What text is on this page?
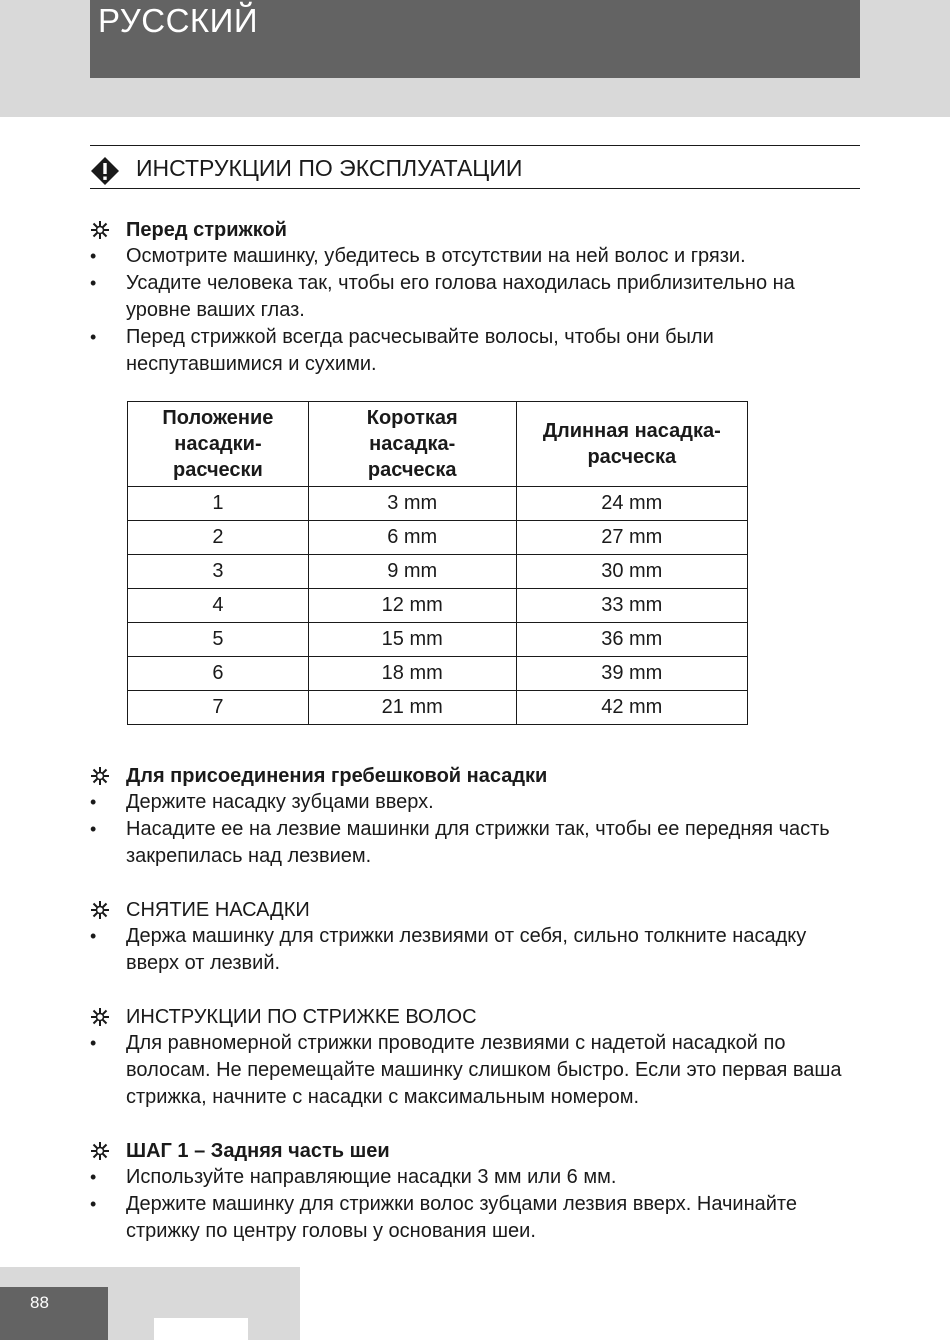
РУССКИЙ
ИНСТРУКЦИИ ПО ЭКСПЛУАТАЦИИ
Перед стрижкой
• Осмотрите машинку, убедитесь в отсутствии на ней волос и грязи.
• Усадите человека так, чтобы его голова находилась приблизительно на уровне ваших глаз.
• Перед стрижкой всегда расчесывайте волосы, чтобы они были неспутавшимися и сухими.
Положение насадки-расчески	Короткая насадка-расческа	Длинная насадка-расческа
1	3 mm	24 mm
2	6 mm	27 mm
3	9 mm	30 mm
4	12 mm	33 mm
5	15 mm	36 mm
6	18 mm	39 mm
7	21 mm	42 mm
Для присоединения гребешковой насадки
• Держите насадку зубцами вверх.
• Насадите ее на лезвие машинки для стрижки так, чтобы ее передняя часть закрепилась над лезвием.
СНЯТИЕ НАСАДКИ
• Держа машинку для стрижки лезвиями от себя, сильно толкните насадку вверх от лезвий.
ИНСТРУКЦИИ ПО СТРИЖКЕ ВОЛОС
• Для равномерной стрижки проводите лезвиями с надетой насадкой по волосам. Не перемещайте машинку слишком быстро. Если это первая ваша стрижка, начните с насадки с максимальным номером.
ШАГ 1 – Задняя часть шеи
• Используйте направляющие насадки 3 мм или 6 мм.
• Держите машинку для стрижки волос зубцами лезвия вверх. Начинайте стрижку по центру головы у основания шеи.

88
